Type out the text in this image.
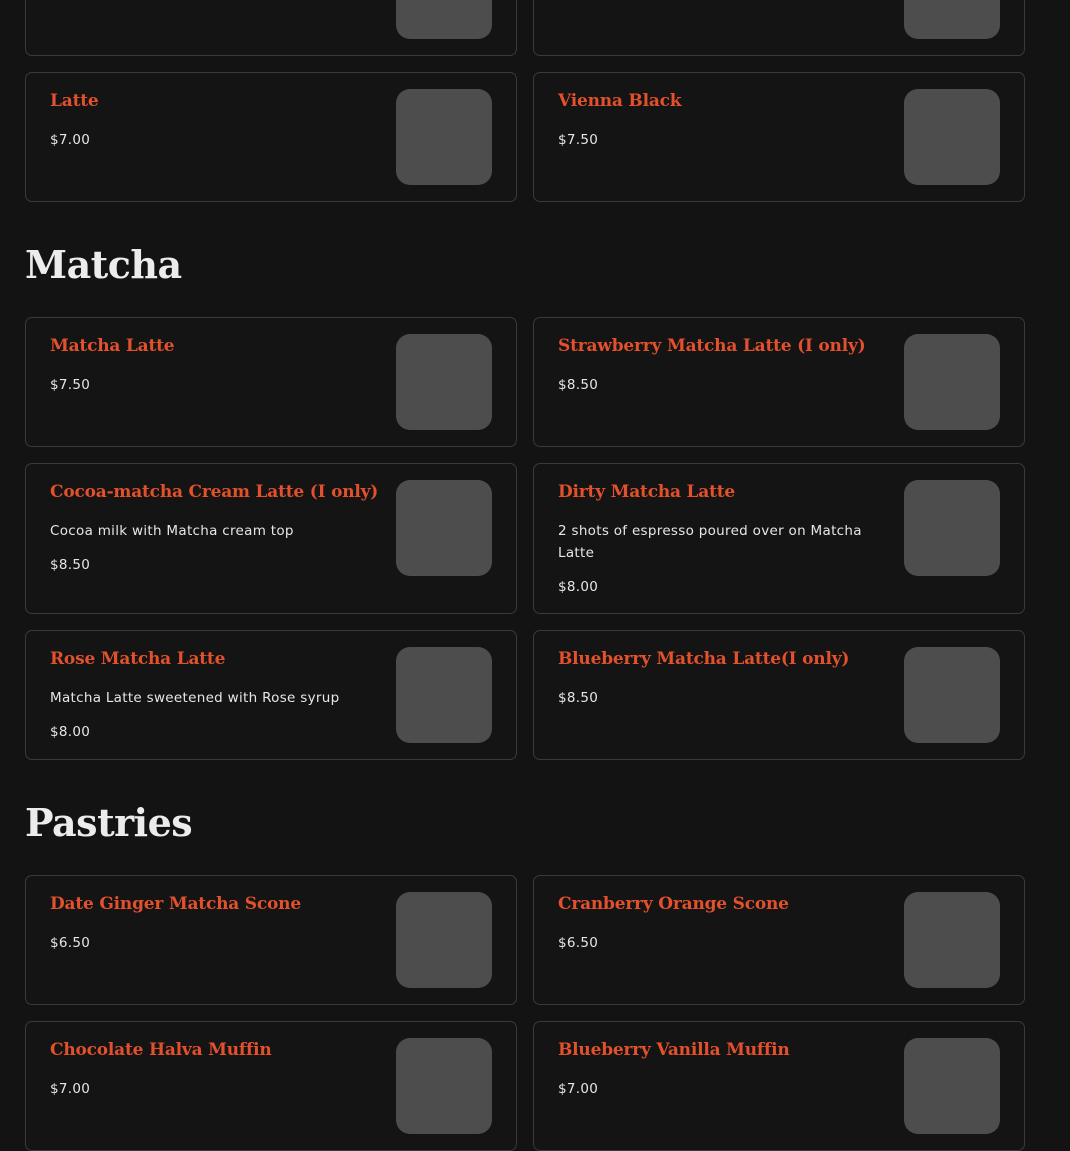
Latte

$7.00

Vienna Black

$7.50

Matcha
Matcha Latte

$7.50

Strawberry Matcha Latte (I only)

$8.50

Cocoa-matcha Cream Latte (I only)

Cocoa milk with Matcha cream top

$8.50

Dirty Matcha Latte

2 shots of espresso poured over on Matcha Latte

$8.00

Rose Matcha Latte

Matcha Latte sweetened with Rose syrup

$8.00

Blueberry Matcha Latte(I only)

$8.50

Pastries
Date Ginger Matcha Scone

$6.50

Cranberry Orange Scone

$6.50

Chocolate Halva Muffin

$7.00

Blueberry Vanilla Muffin

$7.00
